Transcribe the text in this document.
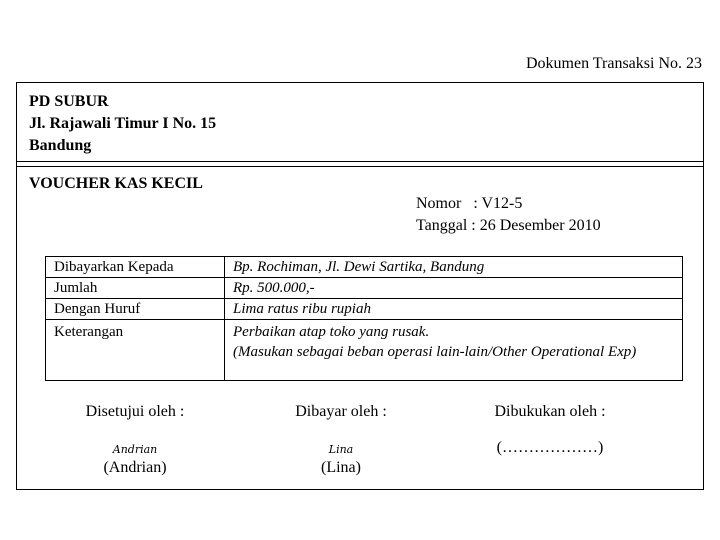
Dokumen Transaksi No. 23
PD SUBUR
Jl. Rajawali Timur I No. 15
Bandung
VOUCHER KAS KECIL
Nomor   : V12-5
Tanggal : 26 Desember 2010
Dibayarkan Kepada	Bp. Rochiman, Jl. Dewi Sartika, Bandung
Jumlah	Rp. 500.000,-
Dengan Huruf	Lima ratus ribu rupiah
Keterangan	Perbaikan atap toko yang rusak.
(Masukan sebagai beban operasi lain-lain/Other Operational Exp)
Disetujui oleh :
Andrian
(Andrian)
Dibayar oleh :
Lina
(Lina)
Dibukukan oleh :
(………………)
